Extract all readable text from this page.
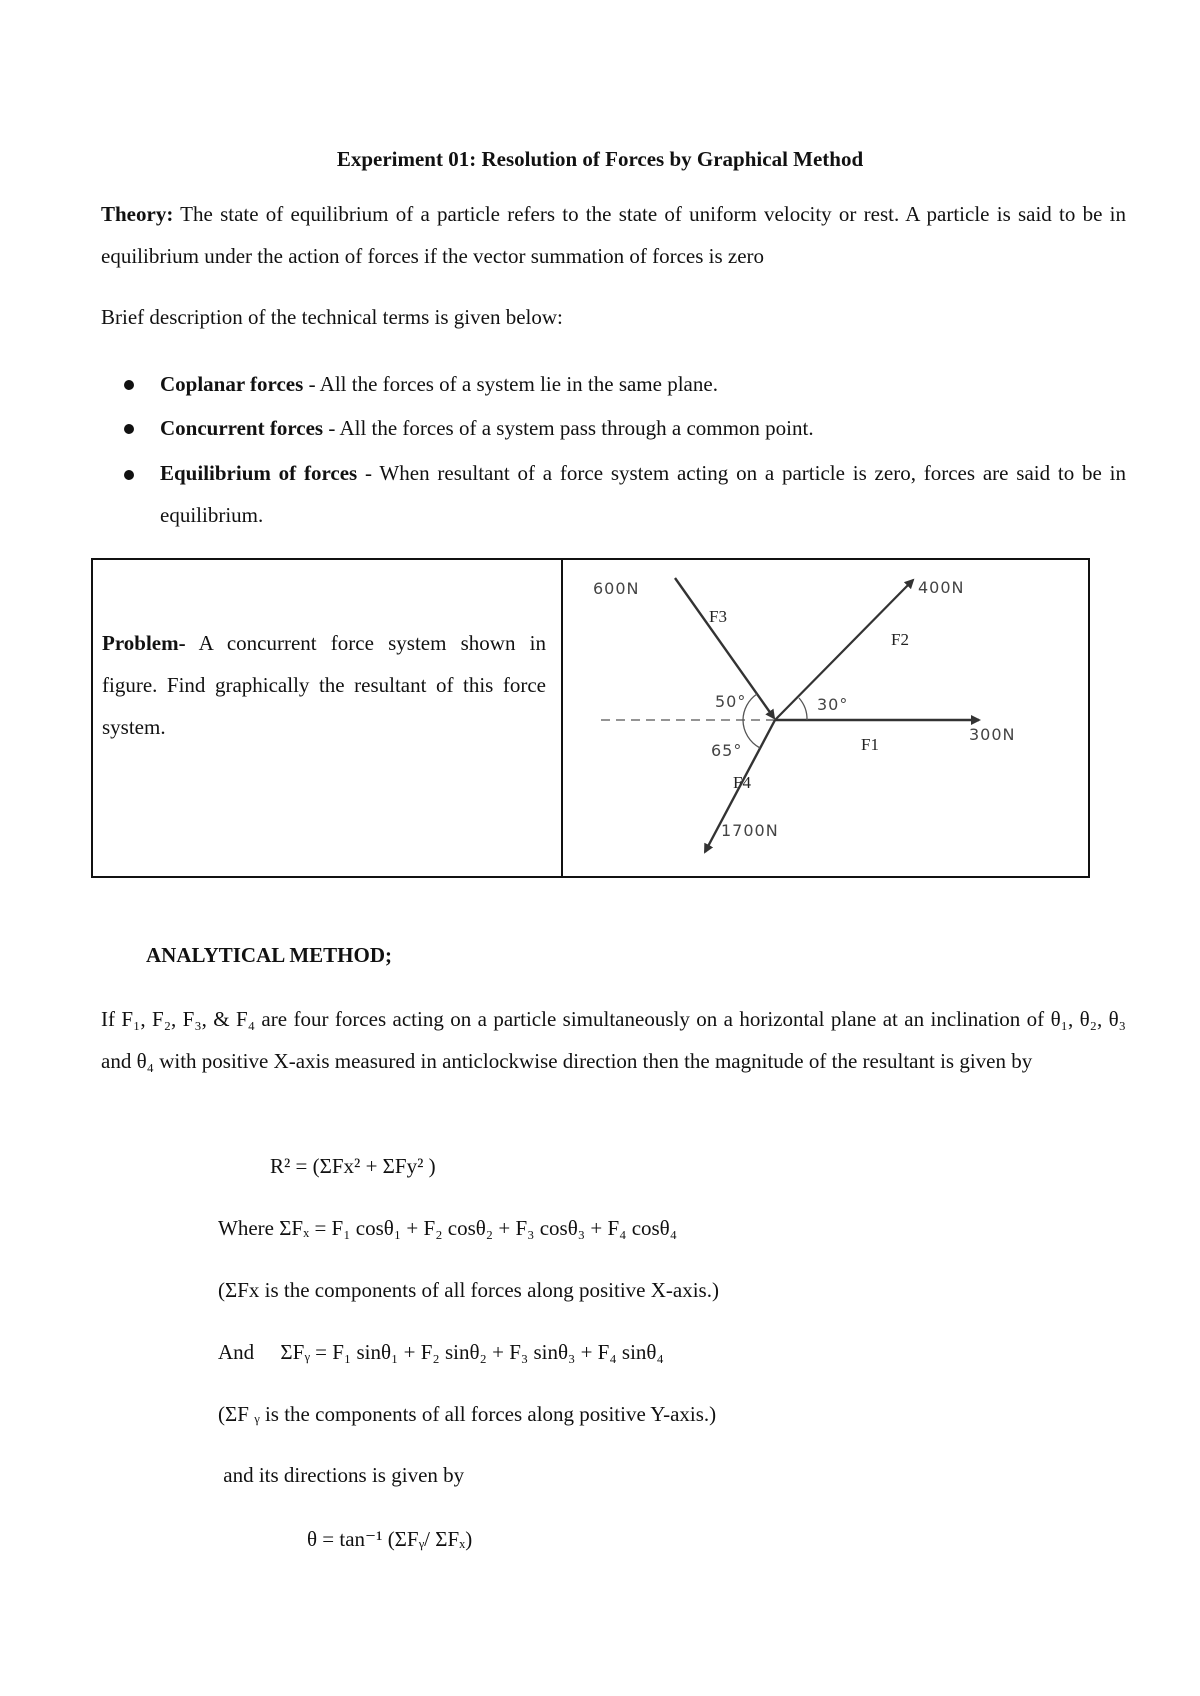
Experiment 01: Resolution of Forces by Graphical Method
Theory: The state of equilibrium of a particle refers to the state of uniform velocity or rest. A particle is said to be in equilibrium under the action of forces if the vector summation of forces is zero
Brief description of the technical terms is given below:
Coplanar forces - All the forces of a system lie in the same plane.
Concurrent forces - All the forces of a system pass through a common point.
Equilibrium of forces - When resultant of a force system acting on a particle is zero, forces are said to be in equilibrium.
Problem- A concurrent force system shown in figure. Find graphically the resultant of this force system.
600N
F3
400N
F2
50°	30°
65°	F1
300N
F4
1700N
ANALYTICAL METHOD;
If F₁, F₂, F₃, & F₄ are four forces acting on a particle simultaneously on a horizontal plane at an inclination of θ₁, θ₂, θ₃ and θ₄ with positive X-axis measured in anticlockwise direction then the magnitude of the resultant is given by
R² = (ΣFx² + ΣFy² )
Where ΣFₓ = F₁ cosθ₁ + F₂ cosθ₂ + F₃ cosθ₃ + F₄ cosθ₄
(ΣFx is the components of all forces along positive X-axis.)
And     ΣFᵧ = F₁ sinθ₁ + F₂ sinθ₂ + F₃ sinθ₃ + F₄ sinθ₄
(ΣF ᵧ is the components of all forces along positive Y-axis.)
and its directions is given by
θ = tan⁻¹ (ΣFᵧ/ ΣFₓ)
